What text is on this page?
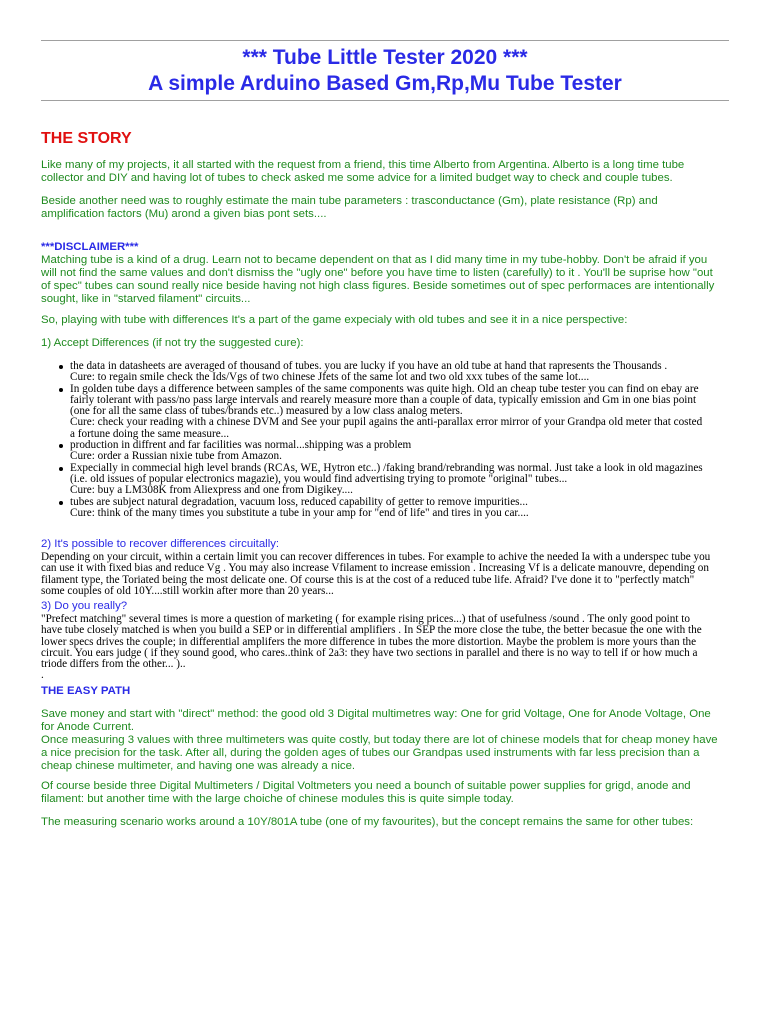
*** Tube Little Tester 2020 ***
A simple Arduino Based Gm,Rp,Mu Tube Tester
THE STORY
Like many of my projects, it all started with the request from a friend, this time Alberto from Argentina. Alberto is a long time tube
collector and DIY and having lot of tubes to check asked me some advice for a limited budget way to check and couple tubes.
Beside another need was to roughly estimate the main tube parameters : trasconductance (Gm), plate resistance (Rp) and
amplification factors (Mu) arond a given bias pont sets....
***DISCLAIMER***
Matching tube is a kind of a drug. Learn not to became dependent on that as I did many time in my tube-hobby. Don't be afraid if you
will not find the same values and don't dismiss the "ugly one" before you have time to listen (carefully) to it . You'll be suprise how "out
of spec" tubes can sound really nice beside having not high class figures. Beside sometimes out of spec performaces are intentionally
sought, like in "starved filament" circuits...
So, playing with tube with differences It's a part of the game expecialy with old tubes and see it in a nice perspective:
1) Accept Differences (if not try the suggested cure):
the data in datasheets are averaged of thousand of tubes. you are lucky if you have an old tube at hand that rapresents the Thousands .
Cure: to regain smile check the Ids/Vgs of two chinese Jfets of the same lot and two old xxx tubes of the same lot....
In golden tube days a difference between samples of the same components was quite high. Old an cheap tube tester you can find on ebay are
fairly tolerant with pass/no pass large intervals and rearely measure more than a couple of data, typically emission and Gm in one bias point
(one for all the same class of tubes/brands etc..) measured by a low class analog meters.
Cure: check your reading with a chinese DVM and See your pupil agains the anti-parallax error mirror of your Grandpa old meter that costed
a fortune doing the same measure...
production in diffrent and far facilities was normal...shipping was a problem
Cure: order a Russian nixie tube from Amazon.
Expecially in commecial high level brands (RCAs, WE, Hytron etc..) /faking brand/rebranding was normal. Just take a look in old magazines
(i.e. old issues of popular electronics magazie), you would find advertising trying to promote "original" tubes...
Cure: buy a LM308K from Aliexpress and one from Digikey....
tubes are subject natural degradation, vacuum loss, reduced capability of getter to remove impurities...
Cure: think of the many times you substitute a tube in your amp for "end of life" and tires in you car....
2) It's possible to recover differences circuitally:
Depending on your circuit, within a certain limit you can recover differences in tubes. For example to achive the needed Ia with a underspec tube you
can use it with fixed bias and reduce Vg . You may also increase Vfilament to increase emission . Increasing Vf is a delicate manouvre, depending on
filament type, the Toriated being the most delicate one. Of course this is at the cost of a reduced tube life. Afraid? I've done it to "perfectly match"
some couples of old 10Y....still workin after more than 20 years...
3) Do you really?
"Prefect matching" several times is more a question of marketing ( for example rising prices...) that of usefulness /sound . The only good point to
have tube closely matched is when you build a SEP or in differential amplifiers . In SEP the more close the tube, the better becasue the one with the
lower specs drives the couple; in differential amplifers the more difference in tubes the more distortion. Maybe the problem is more yours than the
circuit. You ears judge ( if they sound good, who cares..think of 2a3: they have two sections in parallel and there is no way to tell if or how much a
triode differs from the other... )..
.
THE EASY PATH
Save money and start with "direct" method: the good old 3 Digital multimetres way: One for grid Voltage, One for Anode Voltage, One
for Anode Current.
Once measuring 3 values with three multimeters was quite costly, but today there are lot of chinese models that for cheap money have
a nice precision for the task. After all, during the golden ages of tubes our Grandpas used instruments with far less precision than a
cheap chinese multimeter, and having one was already a nice.
Of course beside three Digital Multimeters / Digital Voltmeters you need a bounch of suitable power supplies for grigd, anode and
filament: but another time with the large choiche of chinese modules this is quite simple today.
The measuring scenario works around a 10Y/801A tube (one of my favourites), but the concept remains the same for other tubes:
